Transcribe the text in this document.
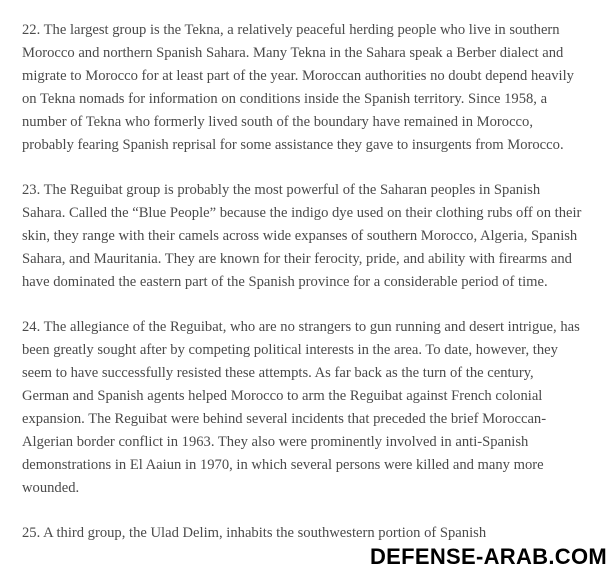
22. The largest group is the Tekna, a relatively peaceful herding people who live in southern Morocco and northern Spanish Sahara. Many Tekna in the Sahara speak a Berber dialect and migrate to Morocco for at least part of the year. Moroccan authorities no doubt depend heavily on Tekna nomads for information on conditions inside the Spanish territory. Since 1958, a number of Tekna who formerly lived south of the boundary have remained in Morocco, probably fearing Spanish reprisal for some assistance they gave to insurgents from Morocco.

23. The Reguibat group is probably the most powerful of the Saharan peoples in Spanish Sahara. Called the “Blue People” because the indigo dye used on their clothing rubs off on their skin, they range with their camels across wide expanses of southern Morocco, Algeria, Spanish Sahara, and Mauritania. They are known for their ferocity, pride, and ability with firearms and have dominated the eastern part of the Spanish province for a considerable period of time.

24. The allegiance of the Reguibat, who are no strangers to gun running and desert intrigue, has been greatly sought after by competing political interests in the area. To date, however, they seem to have successfully resisted these attempts. As far back as the turn of the century, German and Spanish agents helped Morocco to arm the Reguibat against French colonial expansion. The Reguibat were behind several incidents that preceded the brief Moroccan-Algerian border conflict in 1963. They also were prominently involved in anti-Spanish demonstrations in El Aaiun in 1970, in which several persons were killed and many more wounded.

25. A third group, the Ulad Delim, inhabits the southwestern portion of Spanish

DEFENSE-ARAB.COM
